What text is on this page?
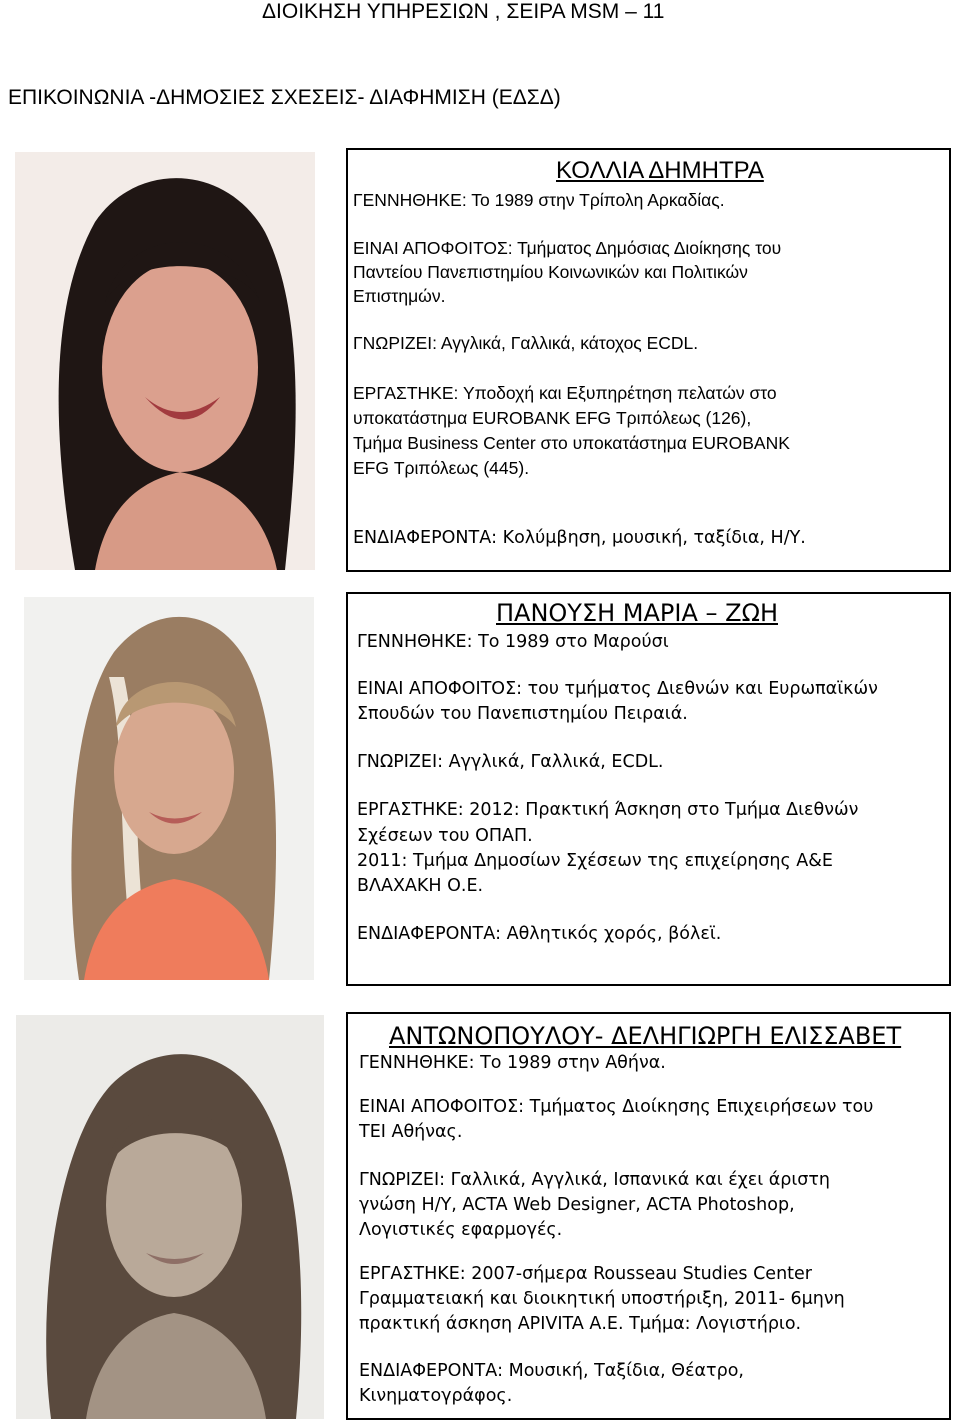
ΔΙΟΙΚΗΣΗ ΥΠΗΡΕΣΙΩΝ , ΣΕΙΡΑ MSM – 11
ΕΠΙΚΟΙΝΩΝΙΑ -ΔΗΜΟΣΙΕΣ ΣΧΕΣΕΙΣ- ΔΙΑΦΗΜΙΣΗ (ΕΔΣΔ)
ΚΟΛΛΙΑ ΔΗΜΗΤΡΑ
ΓΕΝΝΗΘΗΚΕ: Το 1989 στην Τρίπολη Αρκαδίας.
ΕΙΝΑΙ ΑΠΟΦΟΙΤΟΣ: Τμήματος Δημόσιας Διοίκησης του
Παντείου Πανεπιστημίου Κοινωνικών και Πολιτικών
Επιστημών.
ΓΝΩΡΙΖΕΙ: Αγγλικά, Γαλλικά, κάτοχος ECDL.
ΕΡΓΑΣΤΗΚΕ: Υποδοχή και Εξυπηρέτηση πελατών στο
υποκατάστημα EUROBANK EFG Τριπόλεως (126),
Τμήμα Business Center στο υποκατάστημα EUROBANK
EFG Τριπόλεως (445).
ΕΝΔΙΑΦΕΡΟΝΤΑ: Κολύμβηση, μουσική, ταξίδια, Η/Υ.
ΠΑΝΟΥΣΗ ΜΑΡΙΑ – ΖΩΗ
ΓΕΝΝΗΘΗΚΕ: Το 1989 στο Μαρούσι
ΕΙΝΑΙ ΑΠΟΦΟΙΤΟΣ: του τμήματος Διεθνών και Ευρωπαϊκών
Σπουδών του Πανεπιστημίου Πειραιά.
ΓΝΩΡΙΖΕΙ: Αγγλικά, Γαλλικά, ECDL.
ΕΡΓΑΣΤΗΚΕ: 2012: Πρακτική Άσκηση στο Τμήμα Διεθνών
Σχέσεων του ΟΠΑΠ.
2011: Τμήμα Δημοσίων Σχέσεων της επιχείρησης Α&Ε
ΒΛΑΧΑΚΗ Ο.Ε.
ΕΝΔΙΑΦΕΡΟΝΤΑ: Αθλητικός χορός, βόλεϊ.
ΑΝΤΩΝΟΠΟΥΛΟΥ- ΔΕΛΗΓΙΩΡΓΗ ΕΛΙΣΣΑΒΕΤ
ΓΕΝΝΗΘΗΚΕ: Το 1989 στην Αθήνα.
ΕΙΝΑΙ ΑΠΟΦΟΙΤΟΣ: Τμήματος Διοίκησης Επιχειρήσεων του
ΤΕΙ Αθήνας.
ΓΝΩΡΙΖΕΙ: Γαλλικά, Αγγλικά, Ισπανικά και έχει άριστη
γνώση Η/Υ, ACTA Web Designer, ACTA Photoshop,
Λογιστικές εφαρμογές.
ΕΡΓΑΣΤΗΚΕ: 2007-σήμερα Rousseau Studies Center
Γραμματειακή και διοικητική υποστήριξη, 2011- 6μηνη
πρακτική άσκηση APIVITA Α.Ε. Τμήμα: Λογιστήριο.
ΕΝΔΙΑΦΕΡΟΝΤΑ: Μουσική, Ταξίδια, Θέατρο,
Κινηματογράφος.
